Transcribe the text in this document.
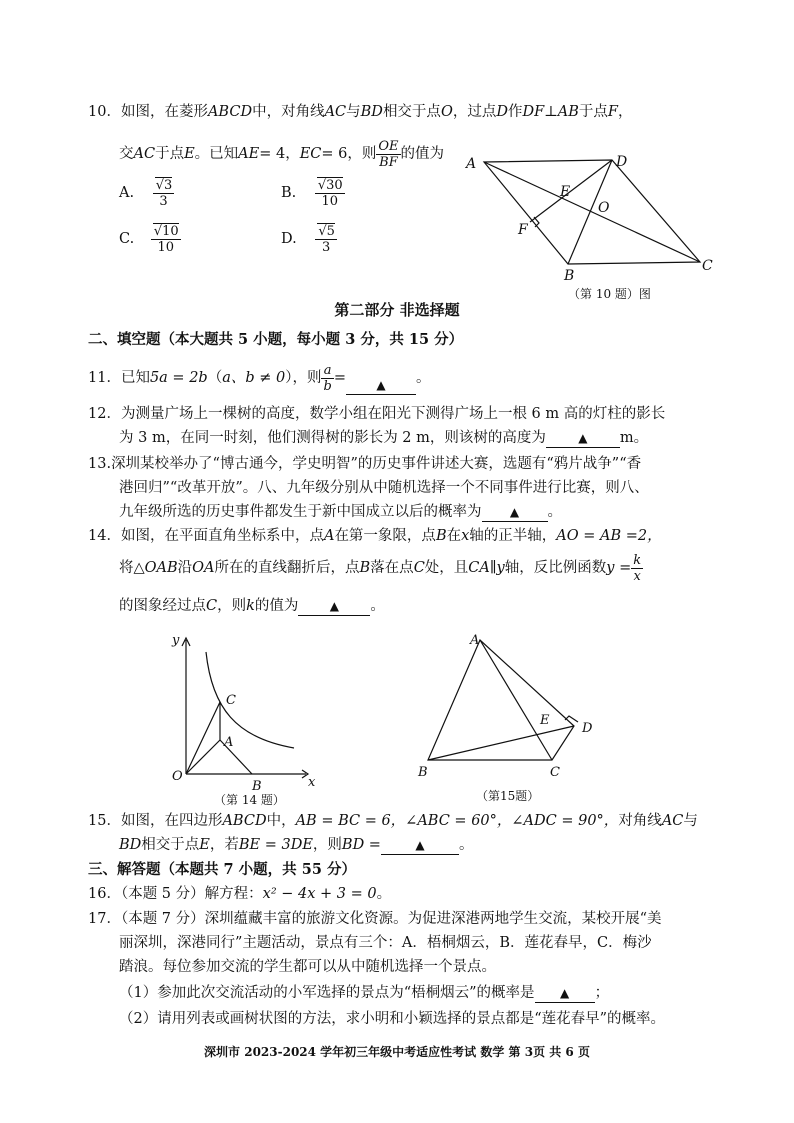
10．如图，在菱形ABCD中，对角线AC与BD相交于点O，过点D作DF⊥AB于点F，
交AC于点E。已知AE= 4，EC= 6，则 $\frac{OE}{BF}$ 的值为
A. $\frac{√3}{3}$	B. $\frac{√30}{10}$
C. $\frac{√10}{10}$	D. $\frac{√5}{3}$
A	D
E
O
F
B
C
（第 10 题）图
第二部分 非选择题
二、填空题（本大题共 5 小题，每小题 3 分，共 15 分）
11．已知5a = 2b（a、b ≠ 0），则 $\frac{a}{b}$ =	▲ 。
12．为测量广场上一棵树的高度，数学小组在阳光下测得广场上一根 6 m 高的灯柱的影长
为 3 m，在同一时刻，他们测得树的影长为 2 m，则该树的高度为	▲ m。
13.深圳某校举办了“博古通今，学史明智”的历史事件讲述大赛，选题有“鸦片战争”“香
港回归”“改革开放”。八、九年级分别从中随机选择一个不同事件进行比赛，则八、
九年级所选的历史事件都发生于新中国成立以后的概率为 ▲ 。
14．如图，在平面直角坐标系中，点A在第一象限，点B在x轴的正半轴，AO = AB =2，
将△OAB沿OA所在的直线翻折后，点B落在点C处，且CA∥y轴，反比例函数$y = \frac{k}{x}$
的图象经过点C，则k的值为	▲ 。
y
x
O
A
C
B
（第 14 题）
A
B	C
D
E
（第15题）
15．如图，在四边形ABCD中，AB = BC = 6，∠ABC = 60°，∠ADC = 90°，对角线AC与
BD相交于点E，若BE = 3DE，则BD =	▲ 。
三、解答题（本题共 7 小题，共 55 分）
16．（本题 5 分）解方程：x² − 4x + 3 = 0。
17．（本题 7 分）深圳蕴藏丰富的旅游文化资源。为促进深港两地学生交流，某校开展“美
丽深圳，深港同行”主题活动，景点有三个：A．梧桐烟云，B．莲花春早，C．梅沙
踏浪。每位参加交流的学生都可以从中随机选择一个景点。
（1）参加此次交流活动的小军选择的景点为“梧桐烟云”的概率是 ▲ ；
（2）请用列表或画树状图的方法，求小明和小颖选择的景点都是“莲花春早”的概率。
深圳市 2023-2024 学年初三年级中考适应性考试 数学 第 3页 共 6 页
